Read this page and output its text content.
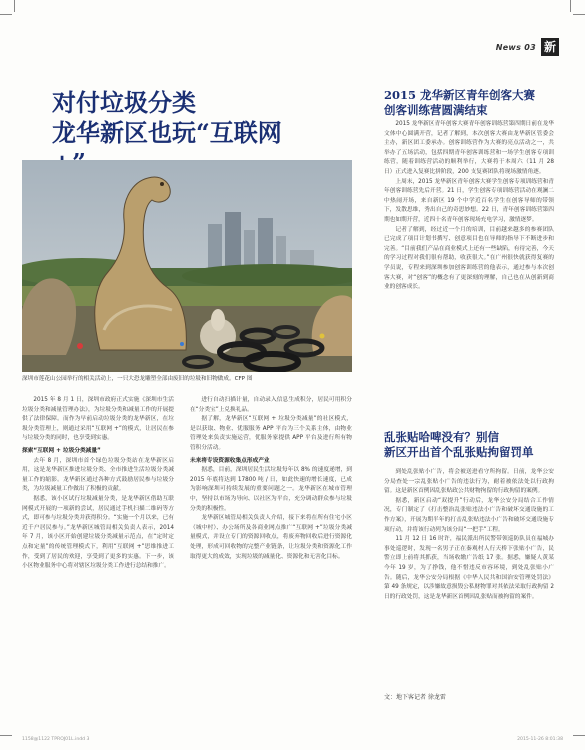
News 03 新
对付垃圾分类
龙华新区也玩“互联网
深圳市莲花山公园举行的相关活动上，一只大恐龙雕塑全部由废旧的垃圾和旧物做成。CFP 图

2015 年 8 月 1 日，深圳市政府正式实施《深圳市生活垃圾分类和减量管理办法》，为垃圾分类和减量工作的开展提供了法律保障。而作为早前启动垃圾分类的龙华新区，在垃圾分类管理上，则通过采用“互联网 +”的模式，让居民在参与垃圾分类的同时，也享受到实惠。

探索“互联网 + 垃圾分类减量”

去年 8 月，深圳市首个绿色垃圾分类站在龙华新区启用，这是龙华新区推进垃圾分类、全市推进生活垃圾分类减量工作的缩影。龙华新区通过各种方式鼓励居民参与垃圾分类，为垃圾减量工作做出了积极的贡献。

据悉，该小区试行垃圾减量分类，是龙华新区借助互联网模式开展的一项新的尝试，居民通过手机扫描二维码等方式，即可参与垃圾分类并获得积分。“实施一个月以来，已有近千户居民参与。”龙华新区城管局相关负责人表示，2014 年 7 月，该小区开始创建垃圾分类减量示范点，在“定时定点和定量”的传统管理模式下，利用“互联网 +”思维推进工作，受到了居民的欢迎，享受到了更多的实惠。下一步，该小区物业服务中心将对辖区垃圾分类工作进行总结和推广。

进行自动扫描计量，自动录入信息生成积分，居民可用积分在“分类宝”上兑换礼品。

据了解，龙华新区“互联网 + 垃圾分类减量”的社区模式，是以获取、物业、优服服务 APP 平台为三个关系主体，由物业管理处来负责实施运营，优服务家提供 APP 平台及进行所有物管积分活动。

未来将专设资源收集点形成产业

据悉，目前，深圳居民生活垃圾每年以 8% 的速度递增，到 2015 年底将达到 17800 吨 / 日，如此快速的增长速度，已成为影响深圳可持续发展的重要问题之一。龙华新区在城市管理中，坚持以市场为导向、以社区为平台，充分调动群众参与垃圾分类的积极性。

龙华新区城管局相关负责人介绍，接下来将在所有住宅小区（城中村）、办公场所及各商业网点推广“互联网 +”垃圾分类减量模式，并设立专门的资源回收点，将废弃物回收后进行资源化处理，形成可回收物的完整产业链条，让垃圾分类和资源化工作取得更大的成效，实现垃圾的减量化、资源化和无害化目标。

2015 龙华新区青年创客大赛
创客训练营圆满结束

2015 龙华新区青年创客大赛青年创客训练营第四期日前在龙华文体中心圆满开营，记者了解到，本次创客大赛由龙华新区管委会主办，新区团工委承办。创客训练营作为大赛的亮点活动之一，共举办了五场活动，包括四期青年创客训练营和一场学生创客专项训练营，随着训练营活动的顺利举行，大赛将于本周六（11 月 28 日）正式进入复赛比拼阶段，200 支复赛团队将现场激情角逐。

上周末，2015 龙华新区青年创客大赛学生创客专项训练营和青年创客训练营先后开营。21 日，学生创客专项训练营活动在观澜二中热闹开场，来自新区 19 个中学近百名学生在创客导师的带领下，发散思维，秀出自己的奇思妙想。22 日，青年创客训练营第四期也如期开营，近四十名青年创客现场充电学习，激情逐梦。

记者了解到，经过近一个月的培训，目前越来越多的参赛团队已完成了项目计划书撰写、创意项目也在导师的指导下不断进步和完善。“目前我们产品在商业模式上还有一些缺陷，有待完善，今天的学习过程对我们很有帮助，收获很大。”在广州很快就获得复赛的学员说，专程来到深圳参加创客训练营的他表示，通过参与本次创客大赛，对“创客”的概念有了更深刻的理解，自己也在从创新到商业的创客成长。

乱张贴哈啤没有？别信
新区开出首个乱张贴拘留罚单

到处乱张贴小广告，将会被送进看守所拘留。日前，龙华公安分局查处一宗乱张贴小广告的违法行为，耐着被依法处以行政拘留。这是新区首例因乱张贴政公共财物拘留的行政拘留的案例。

据悉，新区启动“双提升”行动后，龙华公安分局结合工作情况，专门制定了《打击整治乱张贴违法小广告和破坏交通设施的工作方案》，开展为期半年的打击乱张贴违法小广告和破坏交通设施专项行动，并将该行动列为该分局“一把手”工程。

11 月 12 日 16 时许，福民派出所民警带领巡防队员在福城办事处巡逻时，发现一名男子正在秦观村人行天桥下张贴小广告，民警立即上前将其抓获，当场收缴广告纸 17 张。据悉，嫌疑人黄某今年 19 岁，为了挣钱，他不惜违反市容环境，到处乱张贴小广告。随后，龙华公安分局根据《中华人民共和国治安管理处罚法》第 49 条规定，以涉嫌故意损毁公私财物罪对其依法采取行政拘留 2 日的行政处罚，这是龙华新区首例因乱张贴而被拘留的案件。

文：地下客记者 徐龙雷
1158@1122 TPROJ01L.indd 3	2015-11-26 8:01:38
